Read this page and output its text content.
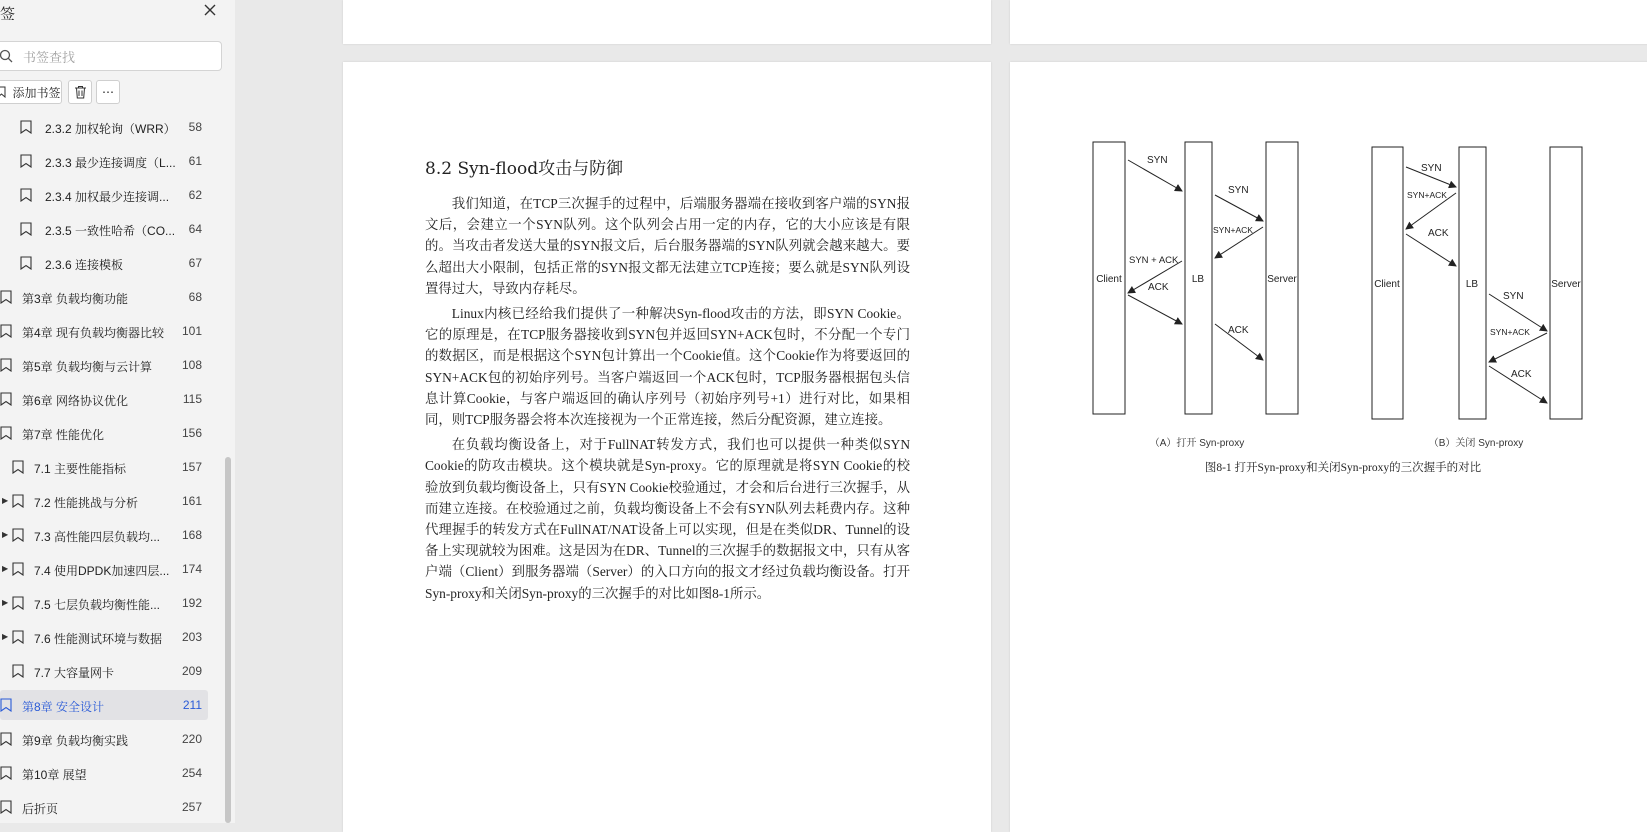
签
书签查找
添加书签	⋯
2.3.2 加权轮询（WRR） 58
2.3.3 最少连接调度（L... 61
2.3.4 加权最少连接调... 62
2.3.5 一致性哈希（CO... 64
2.3.6 连接模板	67
第3章 负载均衡功能	68
第4章 现有负载均衡器比较 101
第5章 负载均衡与云计算 108
第6章 网络协议优化	115
第7章 性能优化	156
7.1 主要性能指标	157
▶ 7.2 性能挑战与分析	161
▶ 7.3 高性能四层负载均... 168
▶ 7.4 使用DPDK加速四层... 174
▶ 7.5 七层负载均衡性能... 192
▶ 7.6 性能测试环境与数据 203
7.7 大容量网卡	209
第8章 安全设计	211
第9章 负载均衡实践	220
第10章 展望	254
后折页	257
8.2 Syn-flood攻击与防御

我们知道，在TCP三次握手的过程中，后端服务器端在接收到客户端的SYN报文后，会建立一个SYN队列。这个队列会占用一定的内存，它的大小应该是有限的。当攻击者发送大量的SYN报文后，后台服务器端的SYN队列就会越来越大。要么超出大小限制，包括正常的SYN报文都无法建立TCP连接；要么就是SYN队列设置得过大，导致内存耗尽。

Linux内核已经给我们提供了一种解决Syn-flood攻击的方法，即SYN Cookie。它的原理是，在TCP服务器接收到SYN包并返回SYN+ACK包时，不分配一个专门的数据区，而是根据这个SYN包计算出一个Cookie值。这个Cookie作为将要返回的SYN+ACK包的初始序列号。当客户端返回一个ACK包时，TCP服务器根据包头信息计算Cookie，与客户端返回的确认序列号（初始序列号+1）进行对比，如果相同，则TCP服务器会将本次连接视为一个正常连接，然后分配资源，建立连接。

在负载均衡设备上，对于FullNAT转发方式，我们也可以提供一种类似SYN Cookie的防攻击模块。这个模块就是Syn-proxy。它的原理就是将SYN Cookie的校验放到负载均衡设备上，只有SYN Cookie校验通过，才会和后台进行三次握手，从而建立连接。在校验通过之前，负载均衡设备上不会有SYN队列去耗费内存。这种代理握手的转发方式在FullNAT/NAT设备上可以实现，但是在类似DR、Tunnel的设备上实现就较为困难。这是因为在DR、Tunnel的三次握手的数据报文中，只有从客户端（Client）到服务器端（Server）的入口方向的报文才经过负载均衡设备。打开Syn-proxy和关闭Syn-proxy的三次握手的对比如图8-1所示。

Client	LB	Server
SYN
SYN
SYN+ACK
SYN + ACK
ACK
ACK
（A）打开 Syn-proxy
Client	LB	Server
SYN
SYN+ACK
ACK
SYN
SYN+ACK
ACK
（B）关闭 Syn-proxy
图8-1 打开Syn-proxy和关闭Syn-proxy的三次握手的对比
